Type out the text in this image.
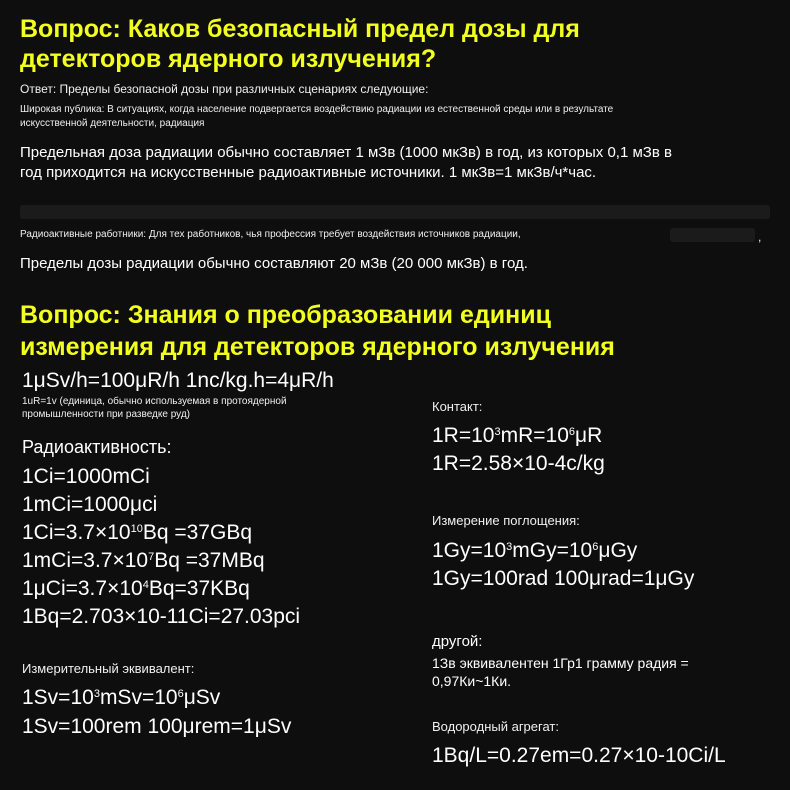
Вопрос: Каков безопасный предел дозы для
детекторов ядерного излучения?
Ответ: Пределы безопасной дозы при различных сценариях следующие:
Широкая публика: В ситуациях, когда население подвергается воздействию радиации из естественной среды или в результате
искусственной деятельности, радиация
Предельная доза радиации обычно составляет 1 мЗв (1000 мкЗв) в год, из которых 0,1 мЗв в
год приходится на искусственные радиоактивные источники. 1 мкЗв=1 мкЗв/ч*час.
Радиоактивные работники: Для тех работников, чья профессия требует воздействия источников радиации,	,
Пределы дозы радиации обычно составляют 20 мЗв (20 000 мкЗв) в год.
Вопрос: Знания о преобразовании единиц
измерения для детекторов ядерного излучения
1μSv/h=100μR/h 1nc/kg.h=4μR/h
1uR=1v (единица, обычно используемая в протоядерной
промышленности при разведке руд)
Радиоактивность:
1Ci=1000mCi
1mCi=1000μci
$1Ci=3.7\times 10^{10}Bq =37GBq$
$1mCi=3.7\times 10^7Bq =37MBq$
$1\mu Ci=3.7\times 10^4Bq=37KBq$
1Bq=2.703×10-11Ci=27.03pci
Измерительный эквивалент:
$1Sv=10^3mSv=10^6\mu Sv$
1Sv=100rem 100μrem=1μSv
Контакт:
$1R=10^3mR=10^6\mu R$
1R=2.58×10-4c/kg
Измерение поглощения:
$1Gy=10^3mGy=10^6\mu Gy$
1Gy=100rad 100μrad=1μGy
другой:
1Зв эквивалентен 1Гр1 грамму радия =
0,97Ки~1Ки.
Водородный агрегат:
1Bq/L=0.27em=0.27×10-10Ci/L
